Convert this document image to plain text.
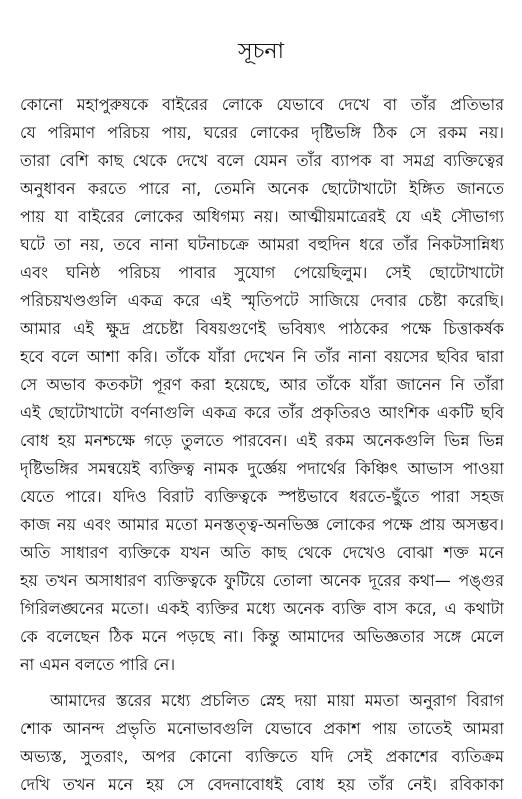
সূচনা

কোনো মহাপুরুষকে বাইরের লোকে যেভাবে দেখে বা তাঁর প্রতিভার
যে পরিমাণ পরিচয় পায়, ঘরের লোকের দৃষ্টিভঙ্গি ঠিক সে রকম নয়।
তারা বেশি কাছ থেকে দেখে বলে যেমন তাঁর ব্যাপক বা সমগ্র ব্যক্তিত্বের
অনুধাবন করতে পারে না, তেমনি অনেক ছোটোখাটো ইঙ্গিত জানতে
পায় যা বাইরের লোকের অধিগম্য নয়। আত্মীয়মাত্রেরই যে এই সৌভাগ্য
ঘটে তা নয়, তবে নানা ঘটনাচক্রে আমরা বহুদিন ধরে তাঁর নিকটসান্নিধ্য
এবং ঘনিষ্ঠ পরিচয় পাবার সুযোগ পেয়েছিলুম। সেই ছোটোখাটো
পরিচয়খণ্ডগুলি একত্র করে এই স্মৃতিপটে সাজিয়ে দেবার চেষ্টা করেছি।
আমার এই ক্ষুদ্র প্রচেষ্টা বিষয়গুণেই ভবিষ্যৎ পাঠকের পক্ষে চিত্তাকর্ষক
হবে বলে আশা করি। তাঁকে যাঁরা দেখেন নি তাঁর নানা বয়সের ছবির দ্বারা
সে অভাব কতকটা পূরণ করা হয়েছে, আর তাঁকে যাঁরা জানেন নি তাঁরা
এই ছোটোখাটো বর্ণনাগুলি একত্র করে তাঁর প্রকৃতিরও আংশিক একটি ছবি
বোধ হয় মনশ্চক্ষে গড়ে তুলতে পারবেন। এই রকম অনেকগুলি ভিন্ন ভিন্ন
দৃষ্টিভঙ্গির সমন্বয়েই ব্যক্তিত্ব নামক দুর্জ্ঞেয় পদার্থের কিঞ্চিৎ আভাস পাওয়া
যেতে পারে। যদিও বিরাট ব্যক্তিত্বকে স্পষ্টভাবে ধরতে-ছুঁতে পারা সহজ
কাজ নয় এবং আমার মতো মনস্তত্ত্ব-অনভিজ্ঞ লোকের পক্ষে প্রায় অসম্ভব।
অতি সাধারণ ব্যক্তিকে যখন অতি কাছ থেকে দেখেও বোঝা শক্ত মনে
হয় তখন অসাধারণ ব্যক্তিত্বকে ফুটিয়ে তোলা অনেক দূরের কথা— পঙ্গুর
গিরিলঙ্ঘনের মতো। একই ব্যক্তির মধ্যে অনেক ব্যক্তি বাস করে, এ কথাটা
কে বলেছেন ঠিক মনে পড়ছে না। কিন্তু আমাদের অভিজ্ঞতার সঙ্গে মেলে
না এমন বলতে পারি নে।

আমাদের স্তরের মধ্যে প্রচলিত স্নেহ দয়া মায়া মমতা অনুরাগ বিরাগ
শোক আনন্দ প্রভৃতি মনোভাবগুলি যেভাবে প্রকাশ পায় তাতেই আমরা
অভ্যস্ত, সুতরাং, অপর কোনো ব্যক্তিতে যদি সেই প্রকাশের ব্যতিক্রম
দেখি তখন মনে হয় সে বেদনাবোধই বোধ হয় তাঁর নেই। রবিকাকা
